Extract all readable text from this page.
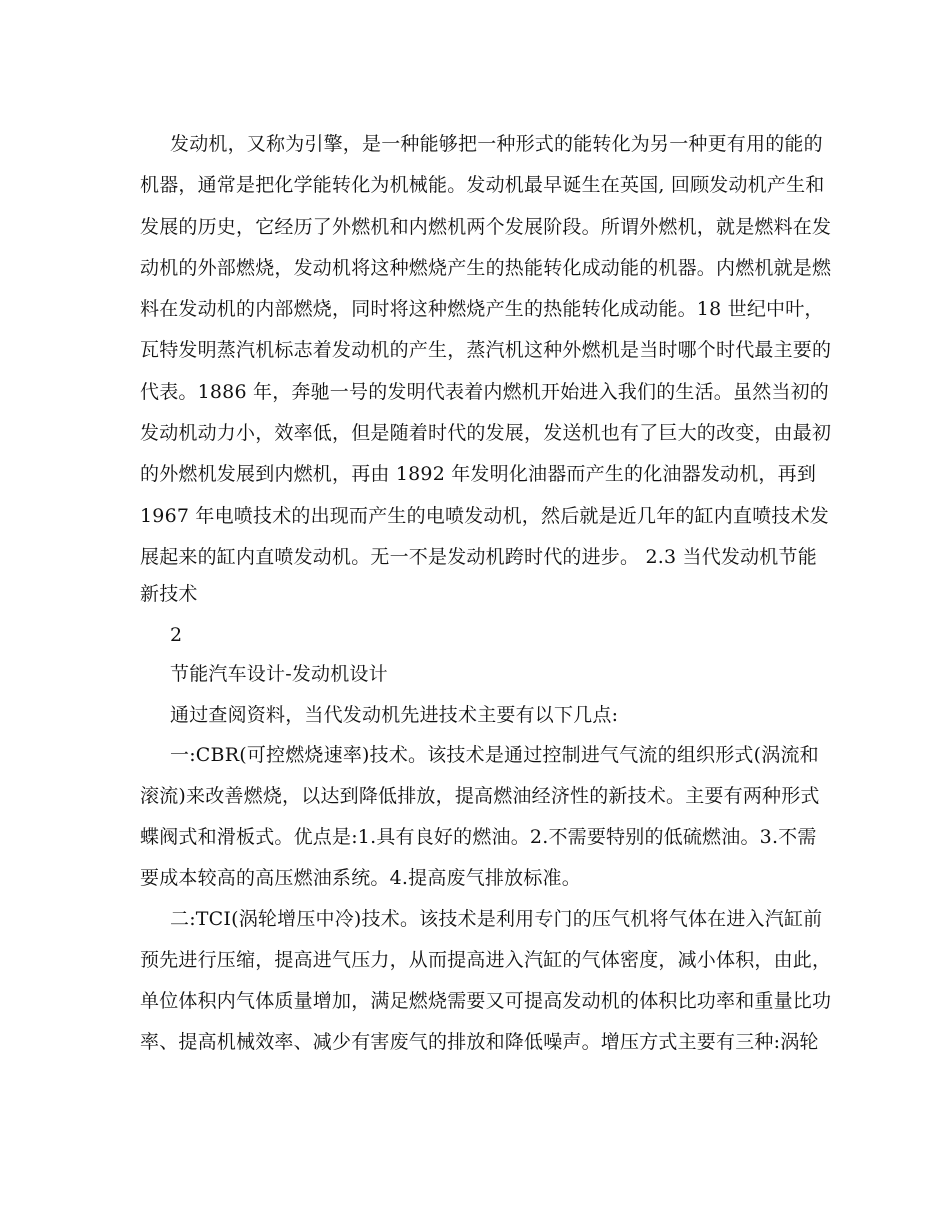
发动机，又称为引擎，是一种能够把一种形式的能转化为另一种更有用的能的
机器，通常是把化学能转化为机械能。发动机最早诞生在英国, 回顾发动机产生和
发展的历史，它经历了外燃机和内燃机两个发展阶段。所谓外燃机，就是燃料在发
动机的外部燃烧，发动机将这种燃烧产生的热能转化成动能的机器。内燃机就是燃
料在发动机的内部燃烧，同时将这种燃烧产生的热能转化成动能。18 世纪中叶，
瓦特发明蒸汽机标志着发动机的产生，蒸汽机这种外燃机是当时哪个时代最主要的
代表。1886 年，奔驰一号的发明代表着内燃机开始进入我们的生活。虽然当初的
发动机动力小，效率低，但是随着时代的发展，发送机也有了巨大的改变，由最初
的外燃机发展到内燃机，再由 1892 年发明化油器而产生的化油器发动机，再到
1967 年电喷技术的出现而产生的电喷发动机，然后就是近几年的缸内直喷技术发
展起来的缸内直喷发动机。无一不是发动机跨时代的进步。 2.3 当代发动机节能
新技术
2
节能汽车设计-发动机设计
通过查阅资料，当代发动机先进技术主要有以下几点:
一:CBR(可控燃烧速率)技术。该技术是通过控制进气气流的组织形式(涡流和
滚流)来改善燃烧，以达到降低排放，提高燃油经济性的新技术。主要有两种形式
蝶阀式和滑板式。优点是:1.具有良好的燃油。2.不需要特别的低硫燃油。3.不需
要成本较高的高压燃油系统。4.提高废气排放标准。
二:TCI(涡轮增压中冷)技术。该技术是利用专门的压气机将气体在进入汽缸前
预先进行压缩，提高进气压力，从而提高进入汽缸的气体密度，减小体积，由此，
单位体积内气体质量增加，满足燃烧需要又可提高发动机的体积比功率和重量比功
率、提高机械效率、减少有害废气的排放和降低噪声。增压方式主要有三种:涡轮
